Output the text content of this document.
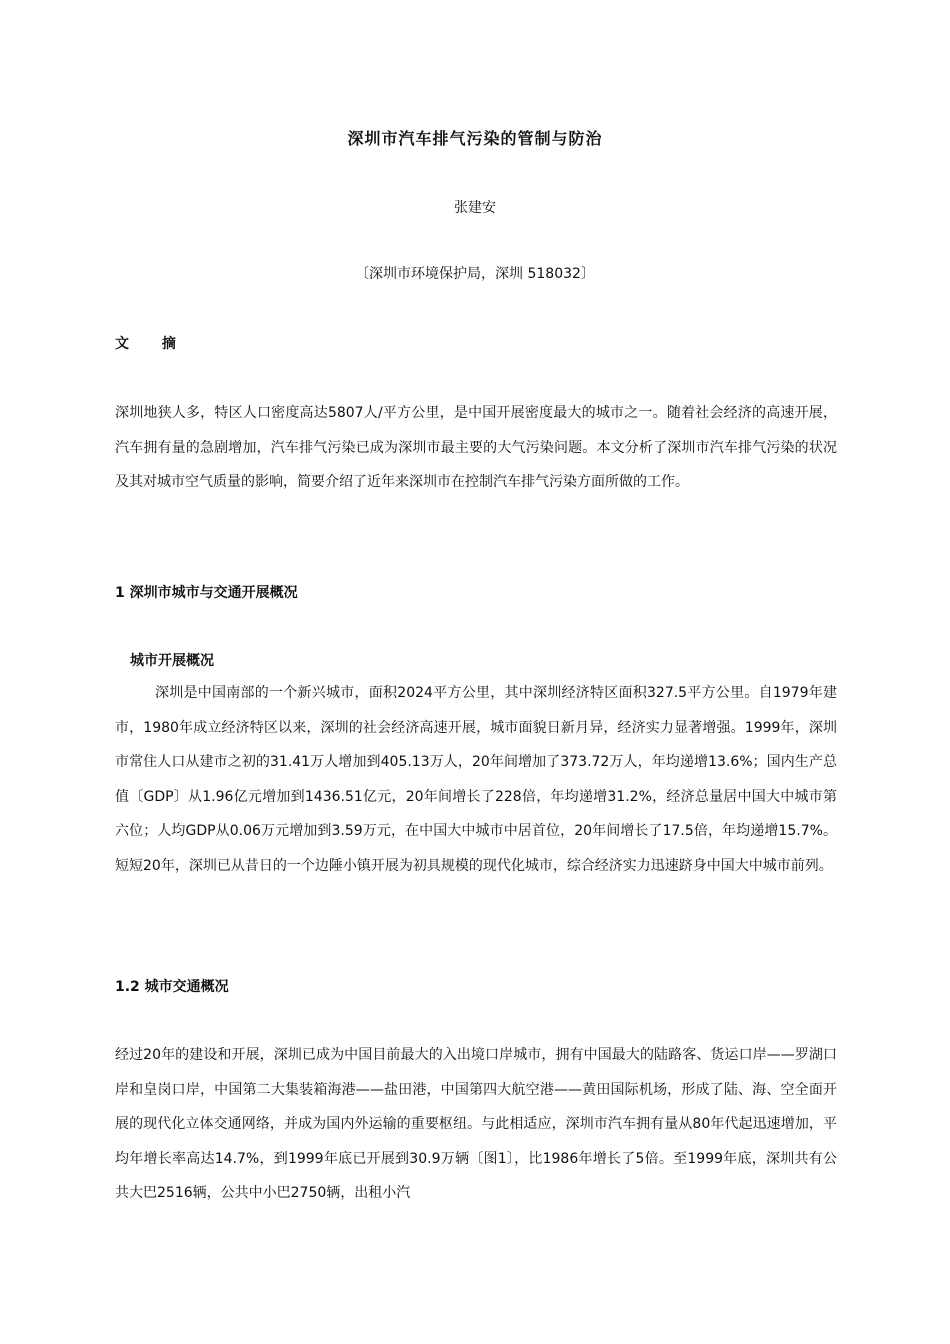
深圳市汽车排气污染的管制与防治
张建安
〔深圳市环境保护局，深圳 518032〕
文 摘

深圳地狭人多，特区人口密度高达5807人/平方公里，是中国开展密度最大的城市之一。随着社会经济的高速开展，汽车拥有量的急剧增加，汽车排气污染已成为深圳市最主要的大气污染问题。本文分析了深圳市汽车排气污染的状况及其对城市空气质量的影响，简要介绍了近年来深圳市在控制汽车排气污染方面所做的工作。

1 深圳市城市与交通开展概况
城市开展概况

深圳是中国南部的一个新兴城市，面积2024平方公里，其中深圳经济特区面积327.5平方公里。自1979年建市，1980年成立经济特区以来，深圳的社会经济高速开展，城市面貌日新月异，经济实力显著增强。1999年，深圳市常住人口从建市之初的31.41万人增加到405.13万人，20年间增加了373.72万人，年均递增13.6%；国内生产总值〔GDP〕从1.96亿元增加到1436.51亿元，20年间增长了228倍，年均递增31.2%，经济总量居中国大中城市第六位；人均GDP从0.06万元增加到3.59万元，在中国大中城市中居首位，20年间增长了17.5倍，年均递增15.7%。短短20年，深圳已从昔日的一个边陲小镇开展为初具规模的现代化城市，综合经济实力迅速跻身中国大中城市前列。

1.2 城市交通概况

经过20年的建设和开展，深圳已成为中国目前最大的入出境口岸城市，拥有中国最大的陆路客、货运口岸——罗湖口岸和皇岗口岸，中国第二大集装箱海港——盐田港，中国第四大航空港——黄田国际机场，形成了陆、海、空全面开展的现代化立体交通网络，并成为国内外运输的重要枢纽。与此相适应，深圳市汽车拥有量从80年代起迅速增加，平均年增长率高达14.7%，到1999年底已开展到30.9万辆〔图1〕，比1986年增长了5倍。至1999年底，深圳共有公共大巴2516辆，公共中小巴2750辆，出租小汽
